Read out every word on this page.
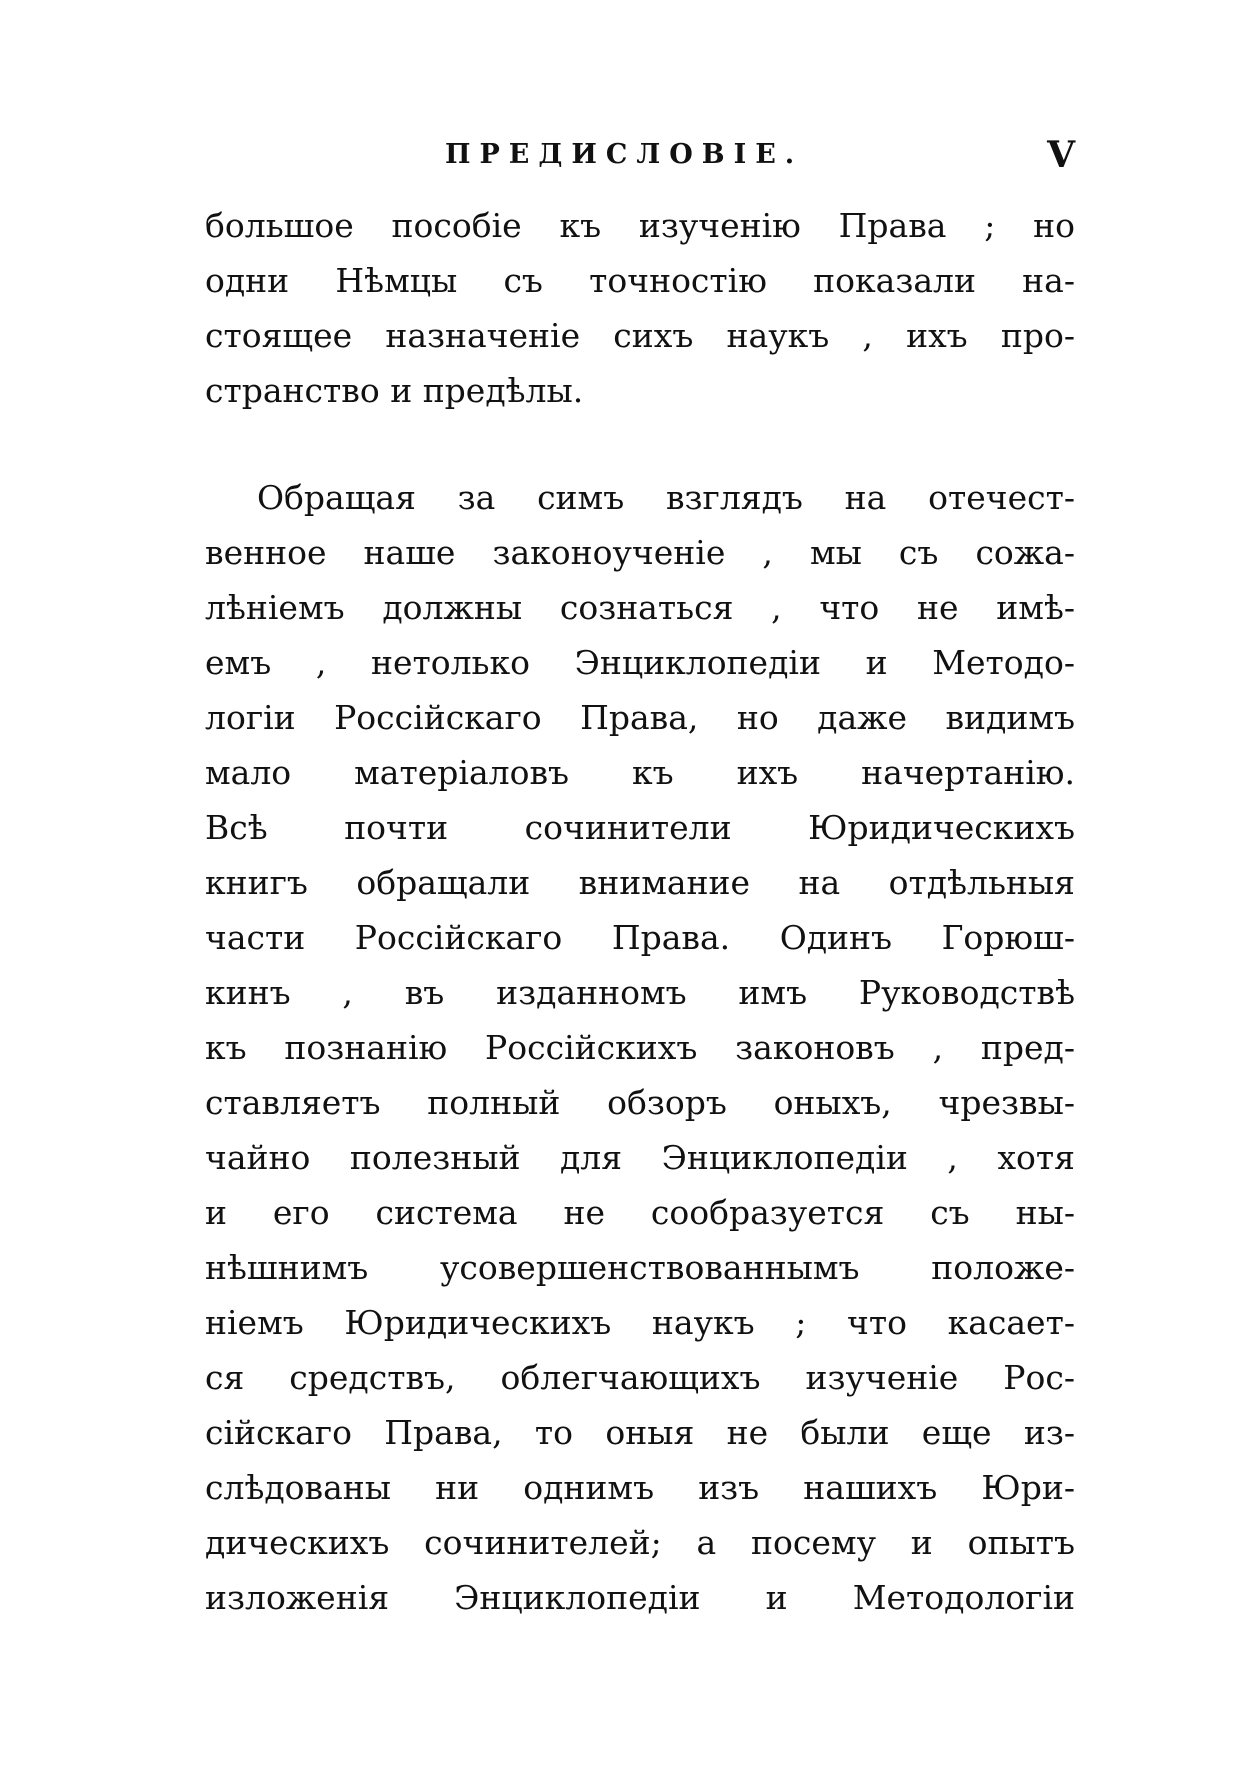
ПРЕДИСЛОВIЕ.	V
большое пособiе къ изученiю Права ; но
одни Нѣмцы съ точностiю показали на-
стоящее назначенiе сихъ наукъ , ихъ про-
странство и предѣлы.
Обращая за симъ взглядъ на отечест-
венное наше законоученiе , мы съ сожа-
лѣнiемъ должны сознаться , что не имѣ-
емъ , нетолько Энциклопедiи и Методо-
логiи Россiйскаго Права, но даже видимъ
мало матерiаловъ къ ихъ начертанiю.
Всѣ почти сочинители Юридическихъ
книгъ обращали внимание на отдѣльныя
части Россiйскаго Права. Одинъ Горюш-
кинъ , въ изданномъ имъ Руководствѣ
къ познанiю Россiйскихъ законовъ , пред-
ставляетъ полный обзоръ оныхъ, чрезвы-
чайно полезный для Энциклопедiи , хотя
и его система не сообразуется съ ны-
нѣшнимъ усовершенствованнымъ положе-
нiемъ Юридическихъ наукъ ; что касает-
ся средствъ, облегчающихъ изученiе Рос-
сiйскаго Права, то оныя не были еще из-
слѣдованы ни однимъ изъ нашихъ Юри-
дическихъ сочинителей; а посему и опытъ
изложенiя Энциклопедiи и Методологiи
